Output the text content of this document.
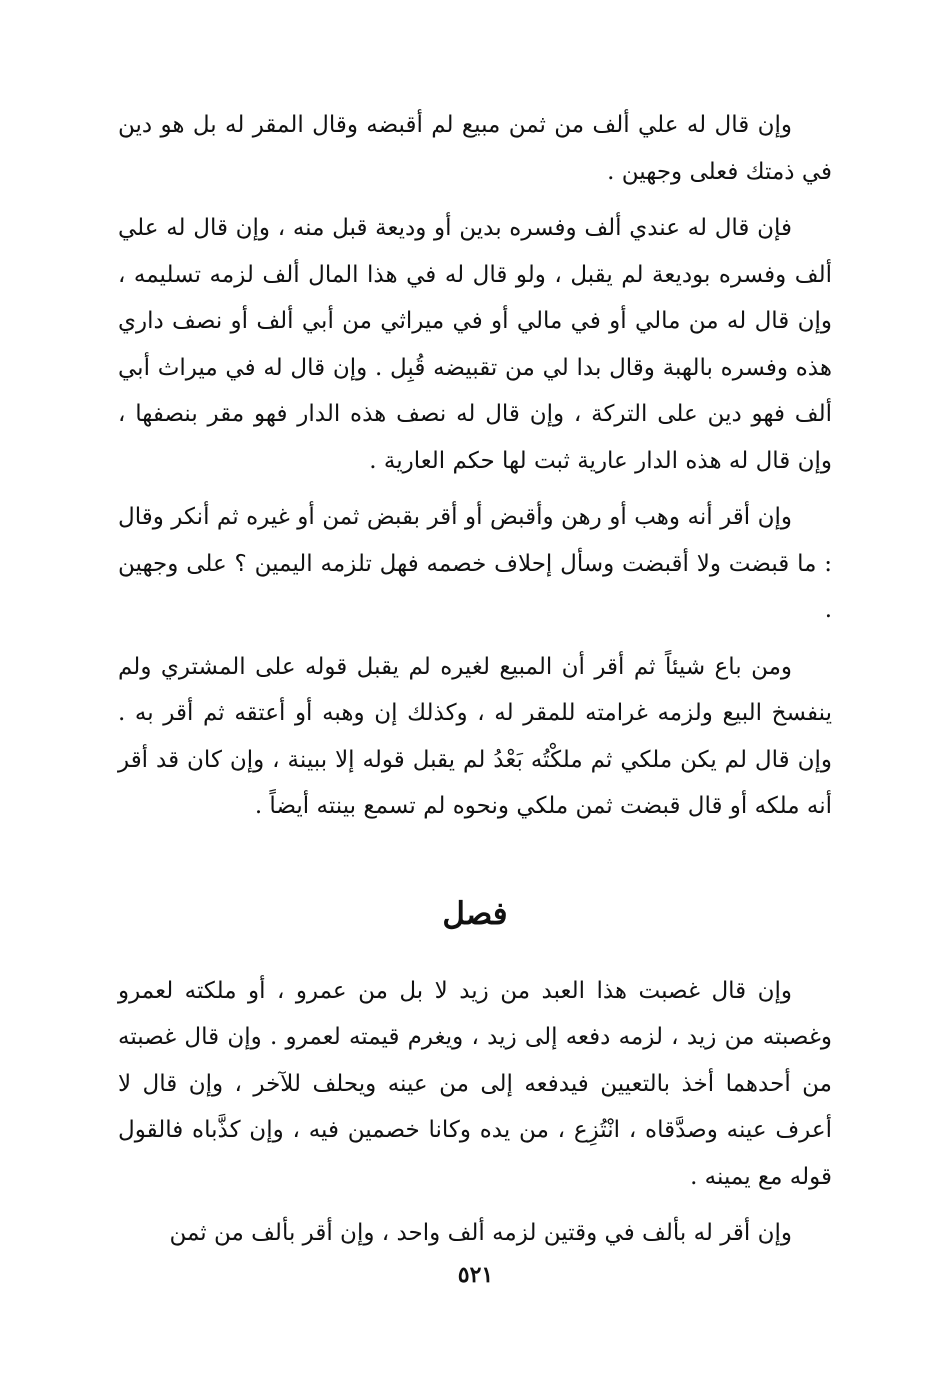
وإن قال له علي ألف من ثمن مبيع لم أقبضه وقال المقر له بل هو دين في ذمتك فعلى وجهين .

فإن قال له عندي ألف وفسره بدين أو وديعة قبل منه ، وإن قال له علي ألف وفسره بوديعة لم يقبل ، ولو قال له في هذا المال ألف لزمه تسليمه ، وإن قال له من مالي أو في مالي أو في ميراثي من أبي ألف أو نصف داري هذه وفسره بالهبة وقال بدا لي من تقبيضه قُبِل . وإن قال له في ميراث أبي ألف فهو دين على التركة ، وإن قال له نصف هذه الدار فهو مقر بنصفها ، وإن قال له هذه الدار عارية ثبت لها حكم العارية .

وإن أقر أنه وهب أو رهن وأقبض أو أقر بقبض ثمن أو غيره ثم أنكر وقال : ما قبضت ولا أقبضت وسأل إحلاف خصمه فهل تلزمه اليمين ؟ على وجهين .

ومن باع شيئاً ثم أقر أن المبيع لغيره لم يقبل قوله على المشتري ولم ينفسخ البيع ولزمه غرامته للمقر له ، وكذلك إن وهبه أو أعتقه ثم أقر به . وإن قال لم يكن ملكي ثم ملكْتُه بَعْدُ لم يقبل قوله إلا ببينة ، وإن كان قد أقر أنه ملكه أو قال قبضت ثمن ملكي ونحوه لم تسمع بينته أيضاً .

فصل

وإن قال غصبت هذا العبد من زيد لا بل من عمرو ، أو ملكته لعمرو وغصبته من زيد ، لزمه دفعه إلى زيد ، ويغرم قيمته لعمرو . وإن قال غصبته من أحدهما أخذ بالتعيين فيدفعه إلى من عينه ويحلف للآخر ، وإن قال لا أعرف عينه وصدَّقاه ، انْتُزِع ، من يده وكانا خصمين فيه ، وإن كذَّباه فالقول قوله مع يمينه .

وإن أقر له بألف في وقتين لزمه ألف واحد ، وإن أقر بألف من ثمن

٥٢١
